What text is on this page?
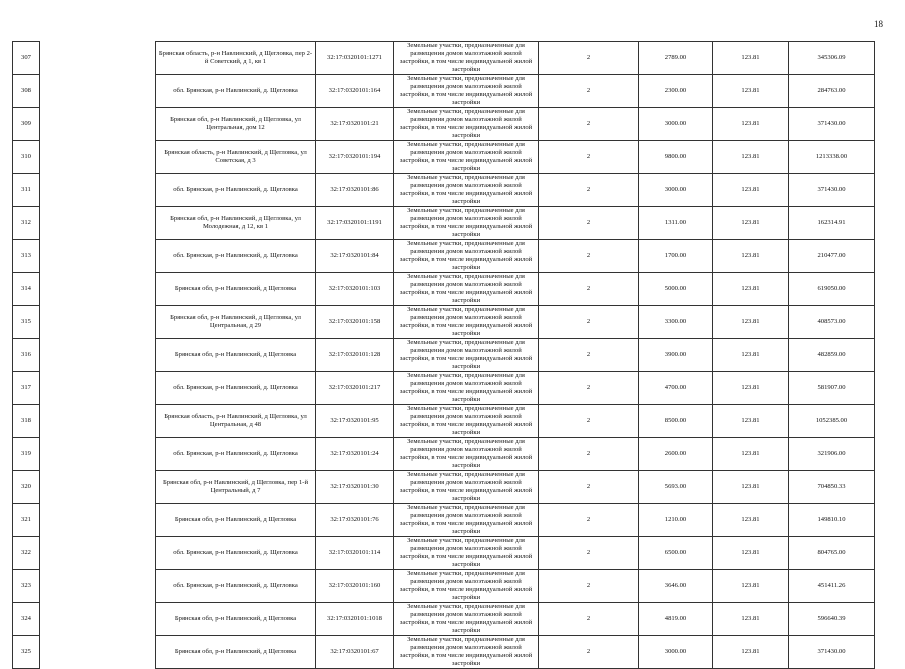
18
307		Брянская область, р-н Навлинский, д Щегловка, пер 2-й Советский, д 1, кв 1	32:17:0320101:1271	Земельные участки, предназначенные для размещения домов малоэтажной жилой застройки, в том числе индивидуальной жилой застройки	2	2789.00	123.81	345306.09
308		обл. Брянская, р-н Навлинский, д. Щегловка	32:17:0320101:164	Земельные участки, предназначенные для размещения домов малоэтажной жилой застройки, в том числе индивидуальной жилой застройки	2	2300.00	123.81	284763.00
309		Брянская обл, р-н Навлинский, д Щегловка, ул Центральная, дом 12	32:17:0320101:21	Земельные участки, предназначенные для размещения домов малоэтажной жилой застройки, в том числе индивидуальной жилой застройки	2	3000.00	123.81	371430.00
310		Брянская область, р-н Навлинский, д Щегловка, ул Советская, д 3	32:17:0320101:194	Земельные участки, предназначенные для размещения домов малоэтажной жилой застройки, в том числе индивидуальной жилой застройки	2	9800.00	123.81	1213338.00
311		обл. Брянская, р-н Навлинский, д. Щегловка	32:17:0320101:86	Земельные участки, предназначенные для размещения домов малоэтажной жилой застройки, в том числе индивидуальной жилой застройки	2	3000.00	123.81	371430.00
312		Брянская обл, р-н Навлинский, д Щегловка, ул Молодежная, д 12, кв 1	32:17:0320101:1191	Земельные участки, предназначенные для размещения домов малоэтажной жилой застройки, в том числе индивидуальной жилой застройки	2	1311.00	123.81	162314.91
313		обл. Брянская, р-н Навлинский, д. Щегловка	32:17:0320101:84	Земельные участки, предназначенные для размещения домов малоэтажной жилой застройки, в том числе индивидуальной жилой застройки	2	1700.00	123.81	210477.00
314		Брянская обл, р-н Навлинский, д Щегловка	32:17:0320101:103	Земельные участки, предназначенные для размещения домов малоэтажной жилой застройки, в том числе индивидуальной жилой застройки	2	5000.00	123.81	619050.00
315		Брянская обл, р-н Навлинский, д Щегловка, ул Центральная, д 29	32:17:0320101:158	Земельные участки, предназначенные для размещения домов малоэтажной жилой застройки, в том числе индивидуальной жилой застройки	2	3300.00	123.81	408573.00
316		Брянская обл, р-н Навлинский, д Щегловка	32:17:0320101:128	Земельные участки, предназначенные для размещения домов малоэтажной жилой застройки, в том числе индивидуальной жилой застройки	2	3900.00	123.81	482859.00
317		обл. Брянская, р-н Навлинский, д. Щегловка	32:17:0320101:217	Земельные участки, предназначенные для размещения домов малоэтажной жилой застройки, в том числе индивидуальной жилой застройки	2	4700.00	123.81	581907.00
318		Брянская область, р-н Навлинский, д Щегловка, ул Центральная, д 48	32:17:0320101:95	Земельные участки, предназначенные для размещения домов малоэтажной жилой застройки, в том числе индивидуальной жилой застройки	2	8500.00	123.81	1052385.00
319		обл. Брянская, р-н Навлинский, д. Щегловка	32:17:0320101:24	Земельные участки, предназначенные для размещения домов малоэтажной жилой застройки, в том числе индивидуальной жилой застройки	2	2600.00	123.81	321906.00
320		Брянская обл, р-н Навлинский, д Щегловка, пер 1-й Центральный, д 7	32:17:0320101:30	Земельные участки, предназначенные для размещения домов малоэтажной жилой застройки, в том числе индивидуальной жилой застройки	2	5693.00	123.81	704850.33
321		Брянская обл, р-н Навлинский, д Щегловка	32:17:0320101:76	Земельные участки, предназначенные для размещения домов малоэтажной жилой застройки, в том числе индивидуальной жилой застройки	2	1210.00	123.81	149810.10
322		обл. Брянская, р-н Навлинский, д. Щегловка	32:17:0320101:114	Земельные участки, предназначенные для размещения домов малоэтажной жилой застройки, в том числе индивидуальной жилой застройки	2	6500.00	123.81	804765.00
323		обл. Брянская, р-н Навлинский, д. Щегловка	32:17:0320101:160	Земельные участки, предназначенные для размещения домов малоэтажной жилой застройки, в том числе индивидуальной жилой застройки	2	3646.00	123.81	451411.26
324		Брянская обл, р-н Навлинский, д Щегловка	32:17:0320101:1018	Земельные участки, предназначенные для размещения домов малоэтажной жилой застройки, в том числе индивидуальной жилой застройки	2	4819.00	123.81	596640.39
325		Брянская обл, р-н Навлинский, д Щегловка	32:17:0320101:67	Земельные участки, предназначенные для размещения домов малоэтажной жилой застройки, в том числе индивидуальной жилой застройки	2	3000.00	123.81	371430.00
